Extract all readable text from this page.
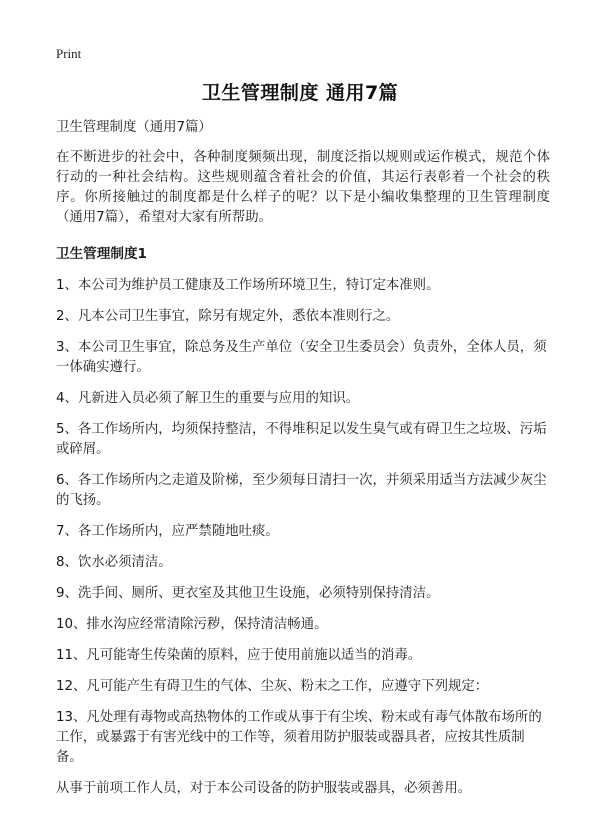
Print
卫生管理制度 通用7篇

卫生管理制度（通用7篇）

在不断进步的社会中，各种制度频频出现，制度泛指以规则或运作模式，规范个体行动的一种社会结构。这些规则蕴含着社会的价值，其运行表彰着一个社会的秩序。你所接触过的制度都是什么样子的呢？以下是小编收集整理的卫生管理制度（通用7篇），希望对大家有所帮助。

卫生管理制度1

1、本公司为维护员工健康及工作场所环境卫生，特订定本准则。

2、凡本公司卫生事宜，除另有规定外，悉依本准则行之。

3、本公司卫生事宜，除总务及生产单位（安全卫生委员会）负责外，全体人员，须一体确实遵行。

4、凡新进入员必须了解卫生的重要与应用的知识。

5、各工作场所内，均须保持整洁，不得堆积足以发生臭气或有碍卫生之垃圾、污垢或碎屑。

6、各工作场所内之走道及阶梯，至少须每日清扫一次，并须采用适当方法减少灰尘的飞扬。

7、各工作场所内，应严禁随地吐痰。

8、饮水必须清洁。

9、洗手间、厕所、更衣室及其他卫生设施，必须特别保持清洁。

10、排水沟应经常清除污秽，保持清洁畅通。

11、凡可能寄生传染菌的原料，应于使用前施以适当的消毒。

12、凡可能产生有碍卫生的气体、尘灰、粉末之工作，应遵守下列规定：

13、凡处理有毒物或高热物体的工作或从事于有尘埃、粉末或有毒气体散布场所的工作，或暴露于有害光线中的工作等，须着用防护服装或器具者，应按其性质制备。

从事于前项工作人员，对于本公司设备的防护服装或器具，必须善用。
